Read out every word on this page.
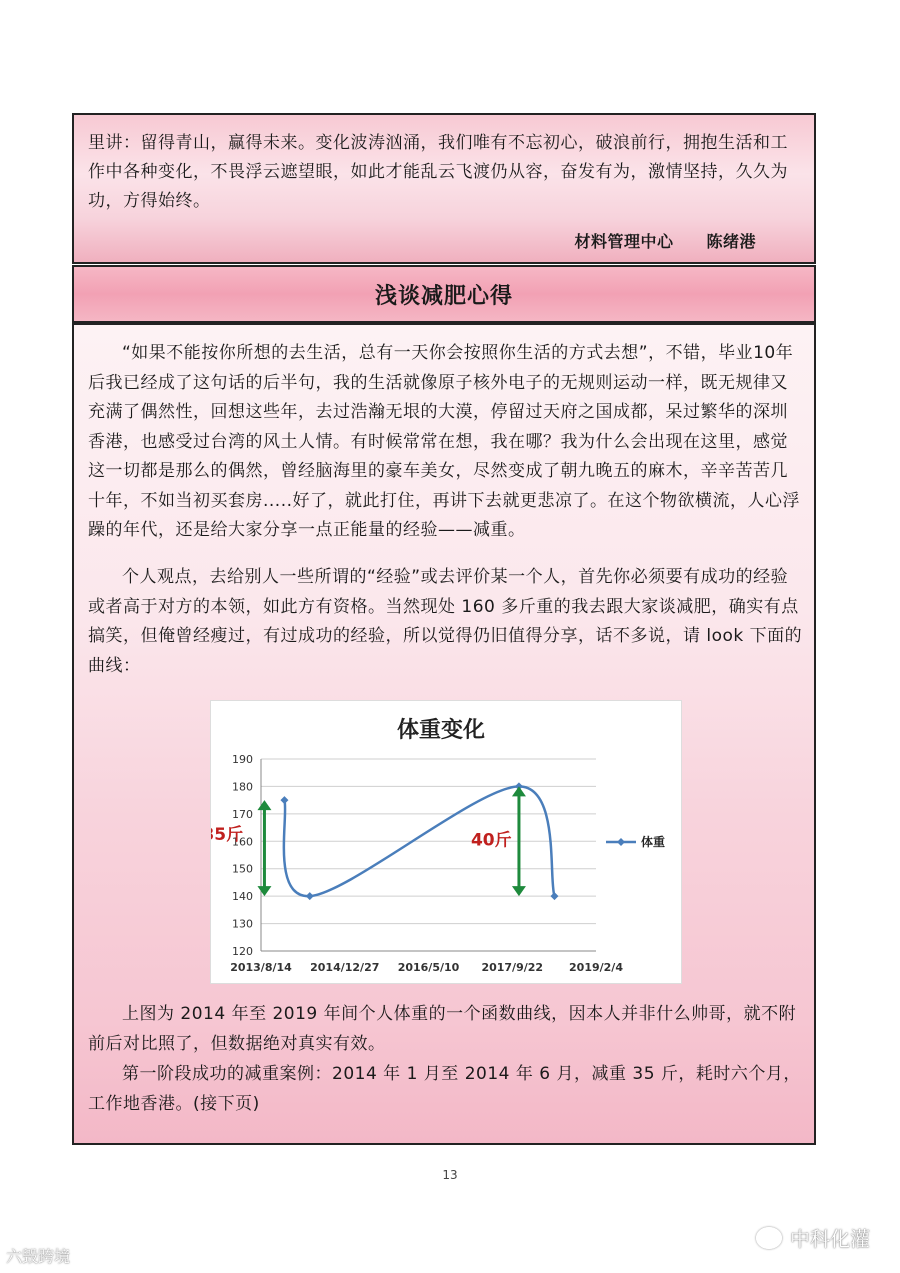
里讲：留得青山，赢得未来。变化波涛汹涌，我们唯有不忘初心，破浪前行，拥抱生活和工作中各种变化，不畏浮云遮望眼，如此才能乱云飞渡仍从容，奋发有为，激情坚持，久久为功，方得始终。

材料管理中心　　陈绪港
浅谈减肥心得

“如果不能按你所想的去生活，总有一天你会按照你生活的方式去想”，不错，毕业10年后我已经成了这句话的后半句，我的生活就像原子核外电子的无规则运动一样，既无规律又充满了偶然性，回想这些年，去过浩瀚无垠的大漠，停留过天府之国成都，呆过繁华的深圳香港，也感受过台湾的风土人情。有时候常常在想，我在哪？我为什么会出现在这里，感觉这一切都是那么的偶然，曾经脑海里的豪车美女，尽然变成了朝九晚五的麻木，辛辛苦苦几十年，不如当初买套房.....好了，就此打住，再讲下去就更悲凉了。在这个物欲横流，人心浮躁的年代，还是给大家分享一点正能量的经验——减重。

个人观点，去给别人一些所谓的“经验”或去评价某一个人，首先你必须要有成功的经验或者高于对方的本领，如此方有资格。当然现处 160 多斤重的我去跟大家谈减肥，确实有点搞笑，但俺曾经瘦过，有过成功的经验，所以觉得仍旧值得分享，话不多说，请 look 下面的曲线：

体重变化
120
130
140
150
160
170
180
190
2013/8/14 2014/12/27 2016/5/10 2017/9/22 2019/2/4
5斤	40斤	体重

上图为 2014 年至 2019 年间个人体重的一个函数曲线，因本人并非什么帅哥，就不附前后对比照了，但数据绝对真实有效。

第一阶段成功的减重案例：2014 年 1 月至 2014 年 6 月，减重 35 斤，耗时六个月，工作地香港。(接下页)

13
六毁跨境
中科化灌
